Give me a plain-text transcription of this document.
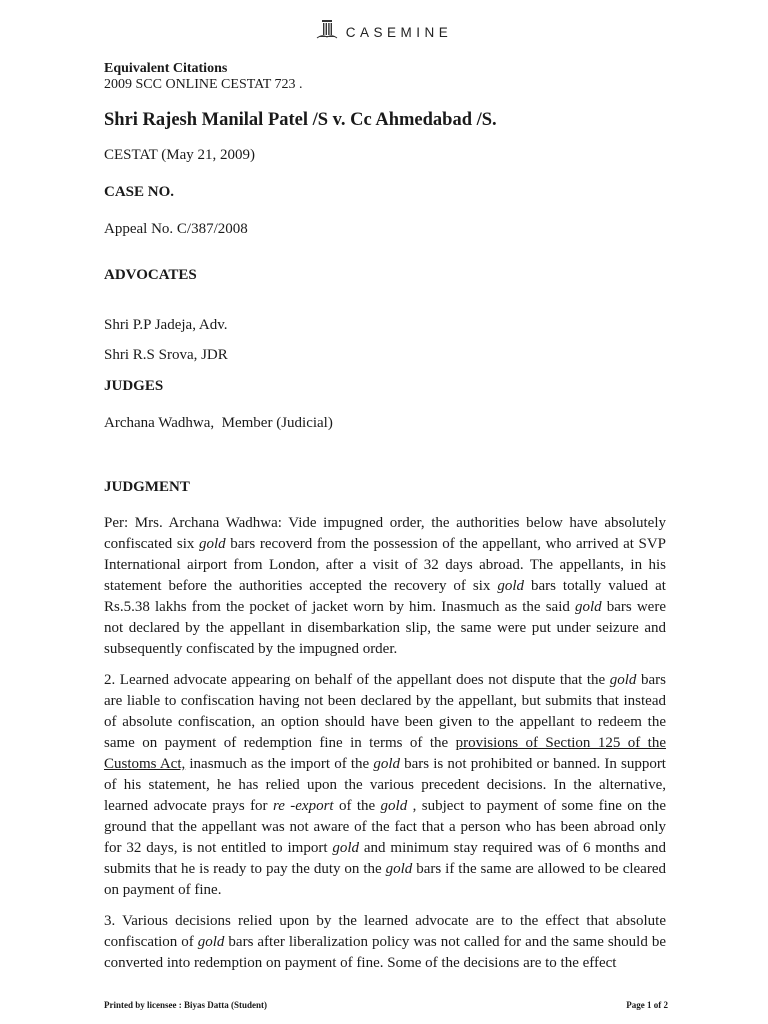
CASEMINE
Equivalent Citations
2009 SCC ONLINE CESTAT 723 .
Shri Rajesh Manilal Patel /S v. Cc Ahmedabad /S.
CESTAT (May 21, 2009)
CASE NO.
Appeal No. C/387/2008
ADVOCATES
Shri P.P Jadeja, Adv.
Shri R.S Srova, JDR
JUDGES
Archana Wadhwa,  Member (Judicial)
JUDGMENT
Per: Mrs. Archana Wadhwa: Vide impugned order, the authorities below have absolutely confiscated six gold bars recoverd from the possession of the appellant, who arrived at SVP International airport from London, after a visit of 32 days abroad. The appellants, in his statement before the authorities accepted the recovery of six gold bars totally valued at Rs.5.38 lakhs from the pocket of jacket worn by him. Inasmuch as the said gold bars were not declared by the appellant in disembarkation slip, the same were put under seizure and subsequently confiscated by the impugned order.
2. Learned advocate appearing on behalf of the appellant does not dispute that the gold bars are liable to confiscation having not been declared by the appellant, but submits that instead of absolute confiscation, an option should have been given to the appellant to redeem the same on payment of redemption fine in terms of the provisions of Section 125 of the Customs Act, inasmuch as the import of the gold bars is not prohibited or banned. In support of his statement, he has relied upon the various precedent decisions. In the alternative, learned advocate prays for re -export of the gold , subject to payment of some fine on the ground that the appellant was not aware of the fact that a person who has been abroad only for 32 days, is not entitled to import gold and minimum stay required was of 6 months and submits that he is ready to pay the duty on the gold bars if the same are allowed to be cleared on payment of fine.
3. Various decisions relied upon by the learned advocate are to the effect that absolute confiscation of gold bars after liberalization policy was not called for and the same should be converted into redemption on payment of fine. Some of the decisions are to the effect
Printed by licensee : Biyas Datta (Student)	Page 1 of 2
